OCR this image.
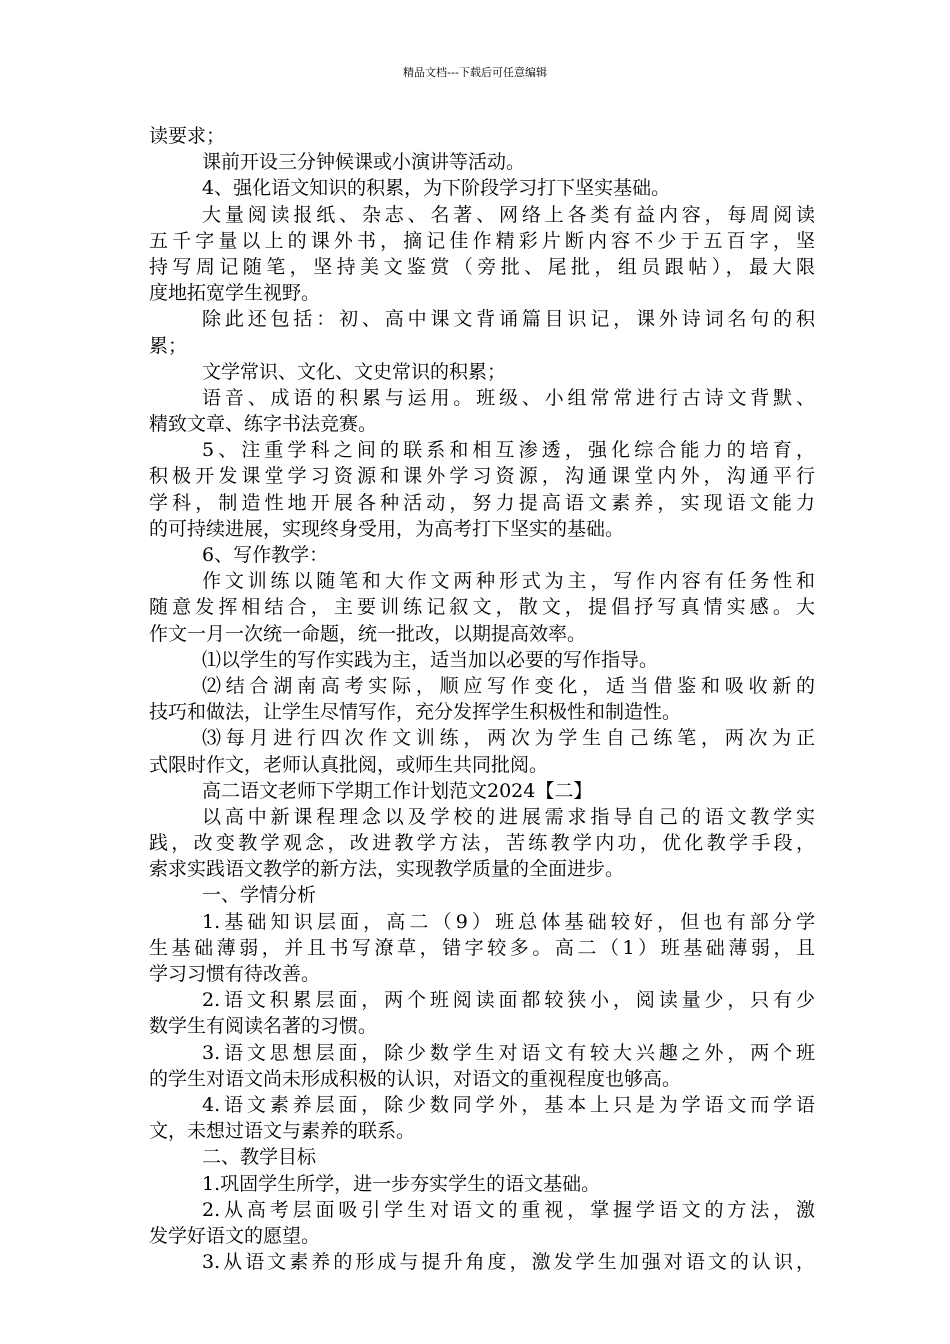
精品文档---下载后可任意编辑
读要求；
课前开设三分钟候课或小演讲等活动。
4、强化语文知识的积累，为下阶段学习打下坚实基础。
大量阅读报纸、杂志、名著、网络上各类有益内容，每周阅读
五千字量以上的课外书，摘记佳作精彩片断内容不少于五百字，坚
持写周记随笔，坚持美文鉴赏（旁批、尾批，组员跟帖），最大限
度地拓宽学生视野。
除此还包括：初、高中课文背诵篇目识记，课外诗词名句的积
累；
文学常识、文化、文史常识的积累；
语音、成语的积累与运用。班级、小组常常进行古诗文背默、
精致文章、练字书法竞赛。
5、注重学科之间的联系和相互渗透，强化综合能力的培育，
积极开发课堂学习资源和课外学习资源，沟通课堂内外，沟通平行
学科，制造性地开展各种活动，努力提高语文素养，实现语文能力
的可持续进展，实现终身受用，为高考打下坚实的基础。
6、写作教学：
作文训练以随笔和大作文两种形式为主，写作内容有任务性和
随意发挥相结合，主要训练记叙文，散文，提倡抒写真情实感。大
作文一月一次统一命题，统一批改，以期提高效率。
⑴以学生的写作实践为主，适当加以必要的写作指导。
⑵结合湖南高考实际，顺应写作变化，适当借鉴和吸收新的
技巧和做法，让学生尽情写作，充分发挥学生积极性和制造性。
⑶每月进行四次作文训练，两次为学生自己练笔，两次为正
式限时作文，老师认真批阅，或师生共同批阅。
高二语文老师下学期工作计划范文2024【二】
以高中新课程理念以及学校的进展需求指导自己的语文教学实
践，改变教学观念，改进教学方法，苦练教学内功，优化教学手段，
索求实践语文教学的新方法，实现教学质量的全面进步。
一、学情分析
1.基础知识层面，高二（9）班总体基础较好，但也有部分学
生基础薄弱，并且书写潦草，错字较多。高二（1）班基础薄弱，且
学习习惯有待改善。
2.语文积累层面，两个班阅读面都较狭小，阅读量少，只有少
数学生有阅读名著的习惯。
3.语文思想层面，除少数学生对语文有较大兴趣之外，两个班
的学生对语文尚未形成积极的认识，对语文的重视程度也够高。
4.语文素养层面，除少数同学外，基本上只是为学语文而学语
文，未想过语文与素养的联系。
二、教学目标
1.巩固学生所学，进一步夯实学生的语文基础。
2.从高考层面吸引学生对语文的重视，掌握学语文的方法，激
发学好语文的愿望。
3.从语文素养的形成与提升角度，激发学生加强对语文的认识，
